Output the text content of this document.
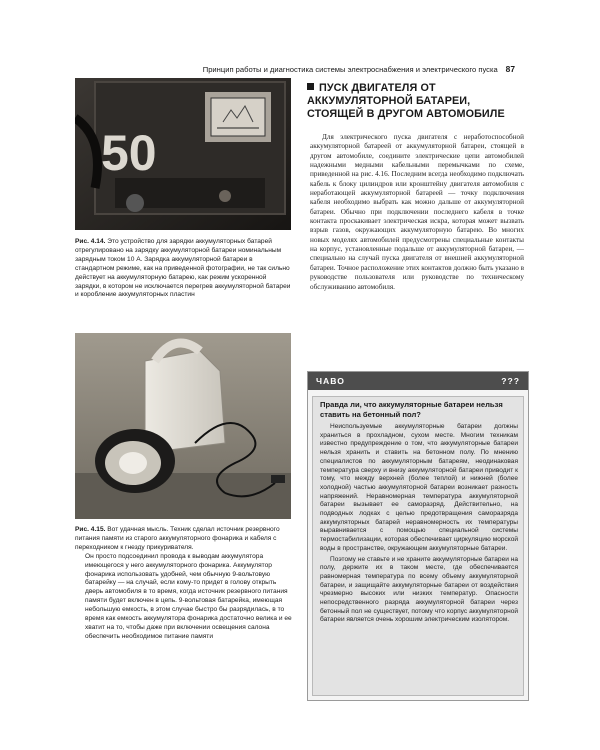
Принцип работы и диагностика системы электроснабжения и электрического пуска 87
50
Рис. 4.14. Это устройство для зарядки аккумуляторных батарей отрегулировано на зарядку аккумуляторной батареи номинальным зарядным током 10 А. Зарядка аккумуляторной батареи в стандартном режиме, как на приведенной фотографии, не так сильно действует на аккумуляторную батарею, как режим ускоренной зарядки, в котором не исключается перегрев аккумуляторной батареи и коробление аккумуляторных пластин
Рис. 4.15. Вот удачная мысль. Техник сделал источник резервного питания памяти из старого аккумуляторного фонарика и кабеля с переходником к гнезду прикуривателя.
Он просто подсоединил провода к выводам аккумулятора имеющегося у него аккумуляторного фонарика. Аккумулятор фонарика использовать удобней, чем обычную 9-вольтовую батарейку — на случай, если кому-то придет в голову открыть дверь автомобиля в то время, когда источник резервного питания памяти будет включен в цепь. 9-вольтовая батарейка, имеющая небольшую емкость, в этом случае быстро бы разрядилась, в то время как емкость аккумулятора фонарика достаточно велика и ее хватит на то, чтобы даже при включении освещения салона обеспечить необходимое питание памяти
ПУСК ДВИГАТЕЛЯ ОТ АККУМУЛЯТОРНОЙ БАТАРЕИ, СТОЯЩЕЙ В ДРУГОМ АВТОМОБИЛЕ
Для электрического пуска двигателя с неработоспособной аккумуляторной батареей от аккумуляторной батареи, стоящей в другом автомобиле, соедините электрические цепи автомобилей надежными медными кабельными перемычками по схеме, приведенной на рис. 4.16. Последним всегда необходимо подключать кабель к блоку цилиндров или кронштейну двигателя автомобиля с неработающей аккумуляторной батареей — точку подключения кабеля необходимо выбрать как можно дальше от аккумуляторной батареи. Обычно при подключении последнего кабеля в точке контакта проскакивает электрическая искра, которая может вызвать взрыв газов, окружающих аккумуляторную батарею. Во многих новых моделях автомобилей предусмотрены специальные контакты на корпус, установленные подальше от аккумуляторной батареи, — специально на случай пуска двигателя от внешней аккумуляторной батареи. Точное расположение этих контактов должно быть указано в руководстве пользователя или руководстве по техническому обслуживанию автомобиля.
ЧАВО	???
Правда ли, что аккумуляторные батареи нельзя ставить на бетонный пол?

Неиспользуемые аккумуляторные батареи должны храниться в прохладном, сухом месте. Многим техникам известно предупреждение о том, что аккумуляторные батареи нельзя хранить и ставить на бетонном полу. По мнению специалистов по аккумуляторным батареям, неодинаковая температура сверху и внизу аккумуляторной батареи приводит к тому, что между верхней (более теплой) и нижней (более холодной) частью аккумуляторной батареи возникает разность напряжений. Неравномерная температура аккумуляторной батареи вызывает ее саморазряд. Действительно, на подводных лодках с целью предотвращения саморазряда аккумуляторных батарей неравномерность их температуры выравнивается с помощью специальной системы термостабилизации, которая обеспечивает циркуляцию морской воды в пространстве, окружающем аккумуляторные батареи.

Поэтому не ставьте и не храните аккумуляторные батареи на полу, держите их в таком месте, где обеспечивается равномерная температура по всему объему аккумуляторной батареи, и защищайте аккумуляторные батареи от воздействия чрезмерно высоких или низких температур. Опасности непосредственного разряда аккумуляторной батареи через бетонный пол не существует, потому что корпус аккумуляторной батареи является очень хорошим электрическим изолятором.
